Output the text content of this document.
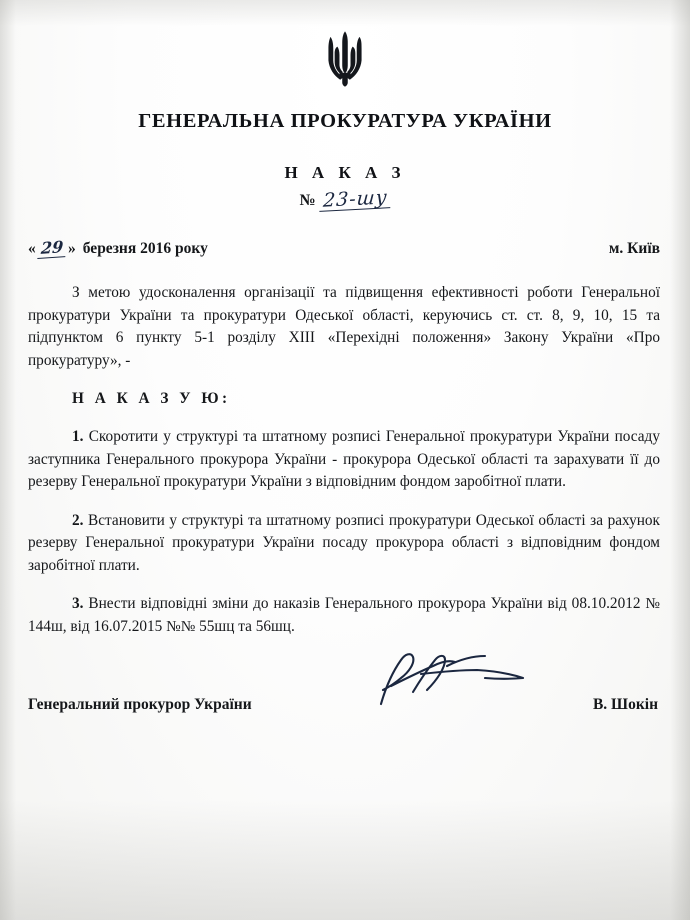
ГЕНЕРАЛЬНА ПРОКУРАТУРА УКРАЇНИ
Н А К А З
№ 23-шу
« 29 » березня 2016 року	м. Київ

З метою удосконалення організації та підвищення ефективності роботи Генеральної прокуратури України та прокуратури Одеської області, керуючись ст. ст. 8, 9, 10, 15 та підпунктом 6 пункту 5-1 розділу XIII «Перехідні положення» Закону України «Про прокуратуру», -

Н А К А З У Ю:

1. Скоротити у структурі та штатному розписі Генеральної прокуратури України посаду заступника Генерального прокурора України - прокурора Одеської області та зарахувати її до резерву Генеральної прокуратури України з відповідним фондом заробітної плати.

2. Встановити у структурі та штатному розписі прокуратури Одеської області за рахунок резерву Генеральної прокуратури України посаду прокурора області з відповідним фондом заробітної плати.

3. Внести відповідні зміни до наказів Генерального прокурора України від 08.10.2012 № 144ш, від 16.07.2015 №№ 55шц та 56шц.

Генеральний прокурор України	В. Шокін
